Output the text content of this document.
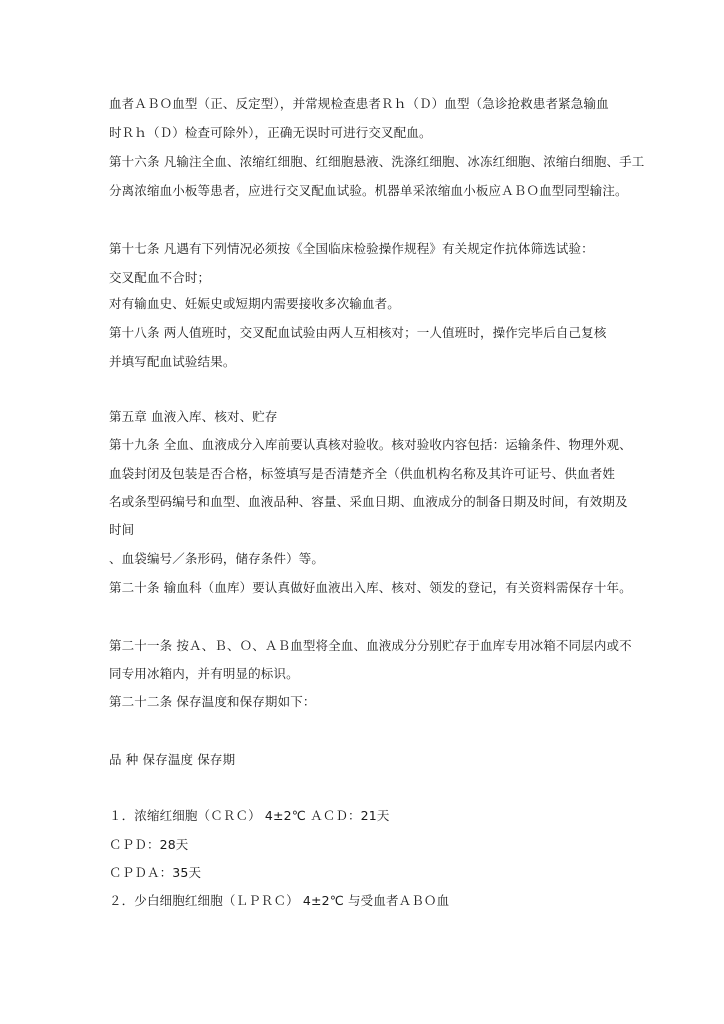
血者ＡＢＯ血型（正、反定型），并常规检查患者Ｒｈ（Ｄ）血型（急诊抢救患者紧急输血
时Ｒｈ（Ｄ）检查可除外），正确无误时可进行交叉配血。
第十六条 凡输注全血、浓缩红细胞、红细胞悬液、洗涤红细胞、冰冻红细胞、浓缩白细胞、手工
分离浓缩血小板等患者，应进行交叉配血试验。机器单采浓缩血小板应ＡＢＯ血型同型输注。
第十七条 凡遇有下列情况必须按《全国临床检验操作规程》有关规定作抗体筛选试验：
交叉配血不合时；
对有输血史、妊娠史或短期内需要接收多次输血者。
第十八条 两人值班时，交叉配血试验由两人互相核对；一人值班时，操作完毕后自己复核
并填写配血试验结果。
第五章 血液入库、核对、贮存
第十九条 全血、血液成分入库前要认真核对验收。核对验收内容包括：运输条件、物理外观、
血袋封闭及包装是否合格，标签填写是否清楚齐全（供血机构名称及其许可证号、供血者姓
名或条型码编号和血型、血液品种、容量、采血日期、血液成分的制备日期及时间，有效期及
时间
、血袋编号／条形码，储存条件）等。
第二十条 输血科（血库）要认真做好血液出入库、核对、领发的登记，有关资料需保存十年。
第二十一条 按Ａ、Ｂ、Ｏ、ＡＢ血型将全血、血液成分分别贮存于血库专用冰箱不同层内或不
同专用冰箱内，并有明显的标识。
第二十二条 保存温度和保存期如下：
品 种 保存温度 保存期
１．浓缩红细胞（ＣＲＣ） 4±2℃ ＡＣＤ：21天
ＣＰＤ：28天
ＣＰＤＡ：35天
２．少白细胞红细胞（ＬＰＲＣ） 4±2℃ 与受血者ＡＢＯ血
